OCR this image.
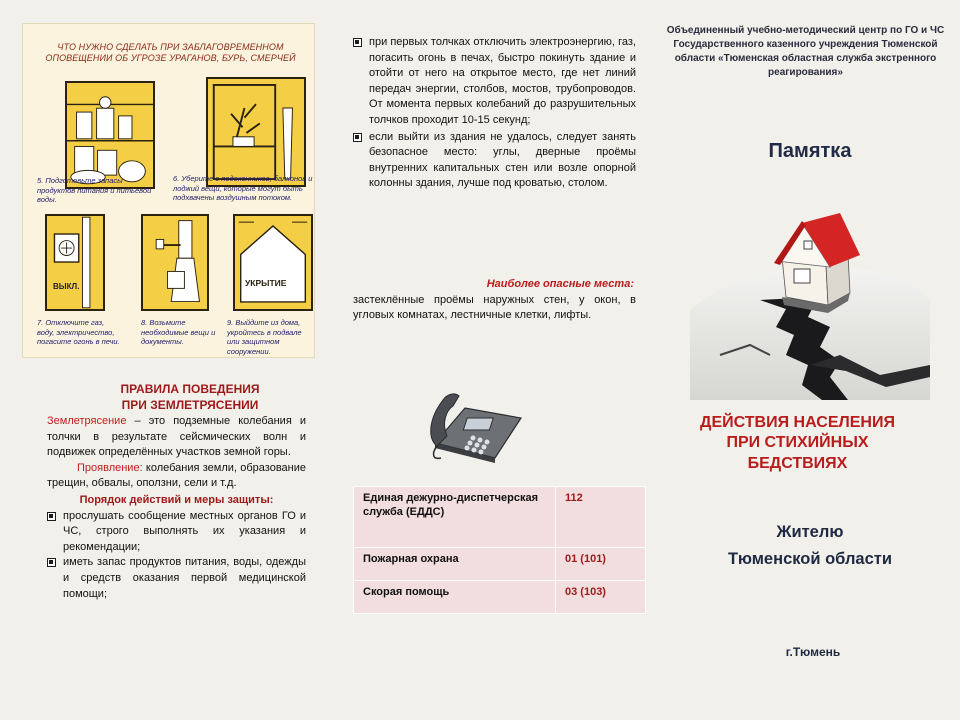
ЧТО НУЖНО СДЕЛАТЬ ПРИ ЗАБЛАГОВРЕМЕННОМ ОПОВЕЩЕНИИ ОБ УГРОЗЕ УРАГАНОВ, БУРЬ, СМЕРЧЕЙ
5. Подготовьте запасы продуктов питания и питьевой воды.
6. Уберите с подоконников, балконов и лоджий вещи, которые могут быть подхвачены воздушным потоком.
ВЫКЛ.
7. Отключите газ, воду, электричество, погасите огонь в печи.
8. Возьмите необходимые вещи и документы.
УКРЫТИЕ
9. Выйдите из дома, укройтесь в подвале или защитном сооружении.
ПРАВИЛА ПОВЕДЕНИЯ
ПРИ ЗЕМЛЕТРЯСЕНИИ
Землетрясение – это подземные колебания и толчки в результате сейсмических волн и подвижек определённых участков земной горы.
Проявление: колебания земли, образование трещин, обвалы, оползни, сели и т.д.
Порядок действий и меры защиты:
прослушать сообщение местных органов ГО и ЧС, строго выполнять их указания и рекомендации;
иметь запас продуктов питания, воды, одежды и средств оказания первой медицинской помощи;
при первых толчках отключить электроэнергию, газ, погасить огонь в печах, быстро покинуть здание и отойти от него на открытое место, где нет линий передач энергии, столбов, мостов, трубопроводов. От момента первых колебаний до разрушительных толчков проходит 10-15 секунд;
если выйти из здания не удалось, следует занять безопасное место: углы, дверные проёмы внутренних капитальных стен или возле опорной колонны здания, лучше под кроватью, столом.
Наиболее опасные места:
застеклённые проёмы наружных стен, у окон, в угловых комнатах, лестничные клетки, лифты.
Единая дежурно-диспетчерская служба (ЕДДС)	112
Пожарная охрана	01 (101)
Скорая помощь	03 (103)
Объединенный учебно-методический центр по ГО и ЧС Государственного казенного учреждения Тюменской области «Тюменская областная служба экстренного реагирования»
Памятка
ДЕЙСТВИЯ НАСЕЛЕНИЯ
ПРИ СТИХИЙНЫХ
БЕДСТВИЯХ
Жителю
Тюменской области
г.Тюмень
